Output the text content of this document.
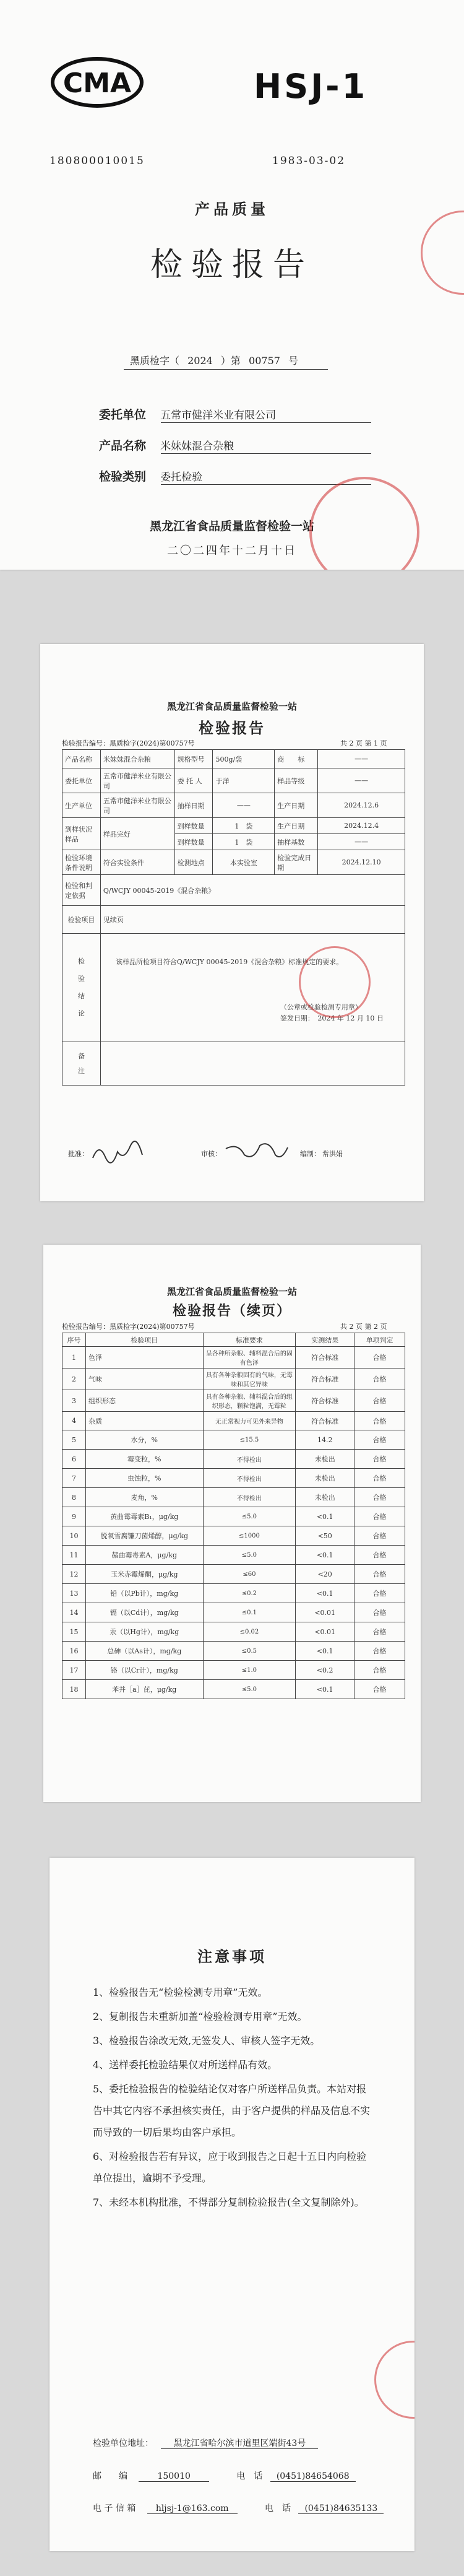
CMA	HSJ-1
180800010015	1983-03-02
产品质量
检验报告
黑质检字（ 2024 ）第 00757 号
委托单位 五常市健洋米业有限公司
产品名称 米妹妹混合杂粮
检验类别 委托检验
黑龙江省食品质量监督检验一站
二〇二四年十二月十日
黑龙江省食品质量监督检验一站
检验报告
检验报告编号：黑质检字(2024)第00757号	共 2 页 第 1 页
产品名称	米妹妹混合杂粮	规格型号	500g/袋	商　　标	——
委托单位	五常市健洋米业有限公司	委 托 人	于洋	样品等级	——
生产单位	五常市健洋米业有限公司	抽样日期	——	生产日期	2024.12.6
到样状况 样品	样品完好	到样数量	1　袋	生产日期	2024.12.4
		到样数量	1　袋	抽样基数	——
检验环境条件说明	符合实验条件	检测地点	本实验室	检验完成日期	2024.12.10
检验和判定依据	Q/WCJY 00045-2019《混合杂粮》				
检验项目	见续页				
检验结论	该样品所检项目符合Q/WCJY 00045-2019《混合杂粮》标准规定的要求。
（公章或检验检测专用章）
签发日期：　2024 年 12 月 10 日				

备注					
批准：	审核：	编制： 常洪娟
黑龙江省食品质量监督检验一站
检验报告（续页）
检验报告编号：黑质检字(2024)第00757号	共 2 页 第 2 页
序号	检验项目	标准要求	实测结果	单项判定
1	色泽	呈各种所杂粮、辅料混合后的固有色泽	符合标准	合格
2	气味	具有各种杂粮固有的气味，无霉味和其它异味	符合标准	合格
3	组织形态	具有各种杂粮、辅料混合后的组织形态，颗粒饱满，无霉粒	符合标准	合格
4	杂质	无正常视力可见外来异物	符合标准	合格
5	水分，%	≤15.5	14.2	合格
6	霉变粒，%	不得检出	未检出	合格
7	虫蚀粒，%	不得检出	未检出	合格
8	麦角，%	不得检出	未检出	合格
9	黄曲霉毒素B₁，μg/kg	≤5.0	<0.1	合格
10	脱氧雪腐镰刀菌烯醇，μg/kg	≤1000	<50	合格
11	赭曲霉毒素A，μg/kg	≤5.0	<0.1	合格
12	玉米赤霉烯酮，μg/kg	≤60	<20	合格
13	铅（以Pb计），mg/kg	≤0.2	<0.1	合格
14	镉（以Cd计），mg/kg	≤0.1	<0.01	合格
15	汞（以Hg计），mg/kg	≤0.02	<0.01	合格
16	总砷（以As计），mg/kg	≤0.5	<0.1	合格
17	铬（以Cr计），mg/kg	≤1.0	<0.2	合格
18	苯并［a］芘，μg/kg	≤5.0	<0.1	合格
注意事项
1、检验报告无“检验检测专用章”无效。
2、复制报告未重新加盖“检验检测专用章”无效。
3、检验报告涂改无效,无签发人、审核人签字无效。
4、送样委托检验结果仅对所送样品有效。
5、委托检验报告的检验结论仅对客户所送样品负责。本站对报告中其它内容不承担核实责任，由于客户提供的样品及信息不实而导致的一切后果均由客户承担。
6、对检验报告若有异议，应于收到报告之日起十五日内向检验单位提出，逾期不予受理。
7、未经本机构批准，不得部分复制检验报告(全文复制除外)。
检验单位地址： 黑龙江省哈尔滨市道里区端街43号
邮　　编	150010	电　话 (0451)84654068
电 子 信 箱 hljsj-1@163.com	电　话 (0451)84635133
